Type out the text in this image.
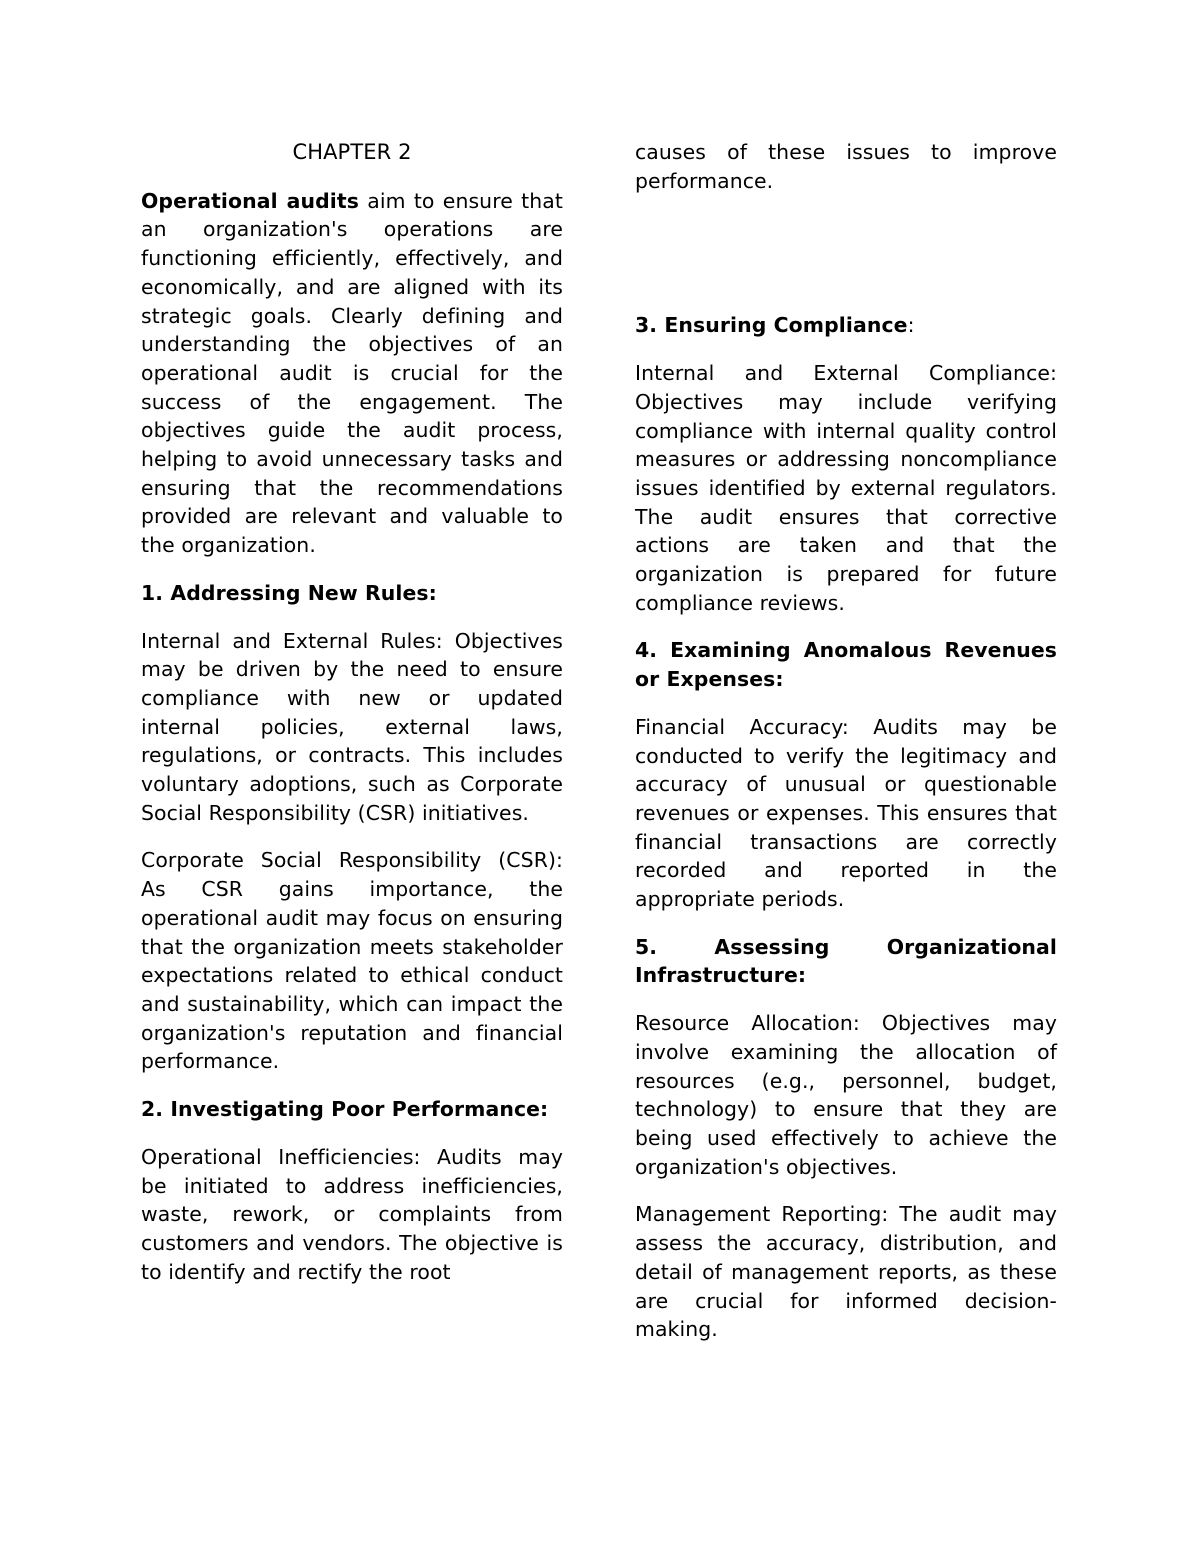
CHAPTER 2

Operational audits aim to ensure that an organization's operations are functioning efficiently, effectively, and economically, and are aligned with its strategic goals. Clearly defining and understanding the objectives of an operational audit is crucial for the success of the engagement. The objectives guide the audit process, helping to avoid unnecessary tasks and ensuring that the recommendations provided are relevant and valuable to the organization.

1. Addressing New Rules:

Internal and External Rules: Objectives may be driven by the need to ensure compliance with new or updated internal policies, external laws, regulations, or contracts. This includes voluntary adoptions, such as Corporate Social Responsibility (CSR) initiatives.

Corporate Social Responsibility (CSR): As CSR gains importance, the operational audit may focus on ensuring that the organization meets stakeholder expectations related to ethical conduct and sustainability, which can impact the organization's reputation and financial performance.

2. Investigating Poor Performance:

Operational Inefficiencies: Audits may be initiated to address inefficiencies, waste, rework, or complaints from customers and vendors. The objective is to identify and rectify the root

causes of these issues to improve performance.

3. Ensuring Compliance:

Internal and External Compliance: Objectives may include verifying compliance with internal quality control measures or addressing noncompliance issues identified by external regulators. The audit ensures that corrective actions are taken and that the organization is prepared for future compliance reviews.

4. Examining Anomalous Revenues or Expenses:

Financial Accuracy: Audits may be conducted to verify the legitimacy and accuracy of unusual or questionable revenues or expenses. This ensures that financial transactions are correctly recorded and reported in the appropriate periods.

5. Assessing Organizational Infrastructure:

Resource Allocation: Objectives may involve examining the allocation of resources (e.g., personnel, budget, technology) to ensure that they are being used effectively to achieve the organization's objectives.

Management Reporting: The audit may assess the accuracy, distribution, and detail of management reports, as these are crucial for informed decision-making.
